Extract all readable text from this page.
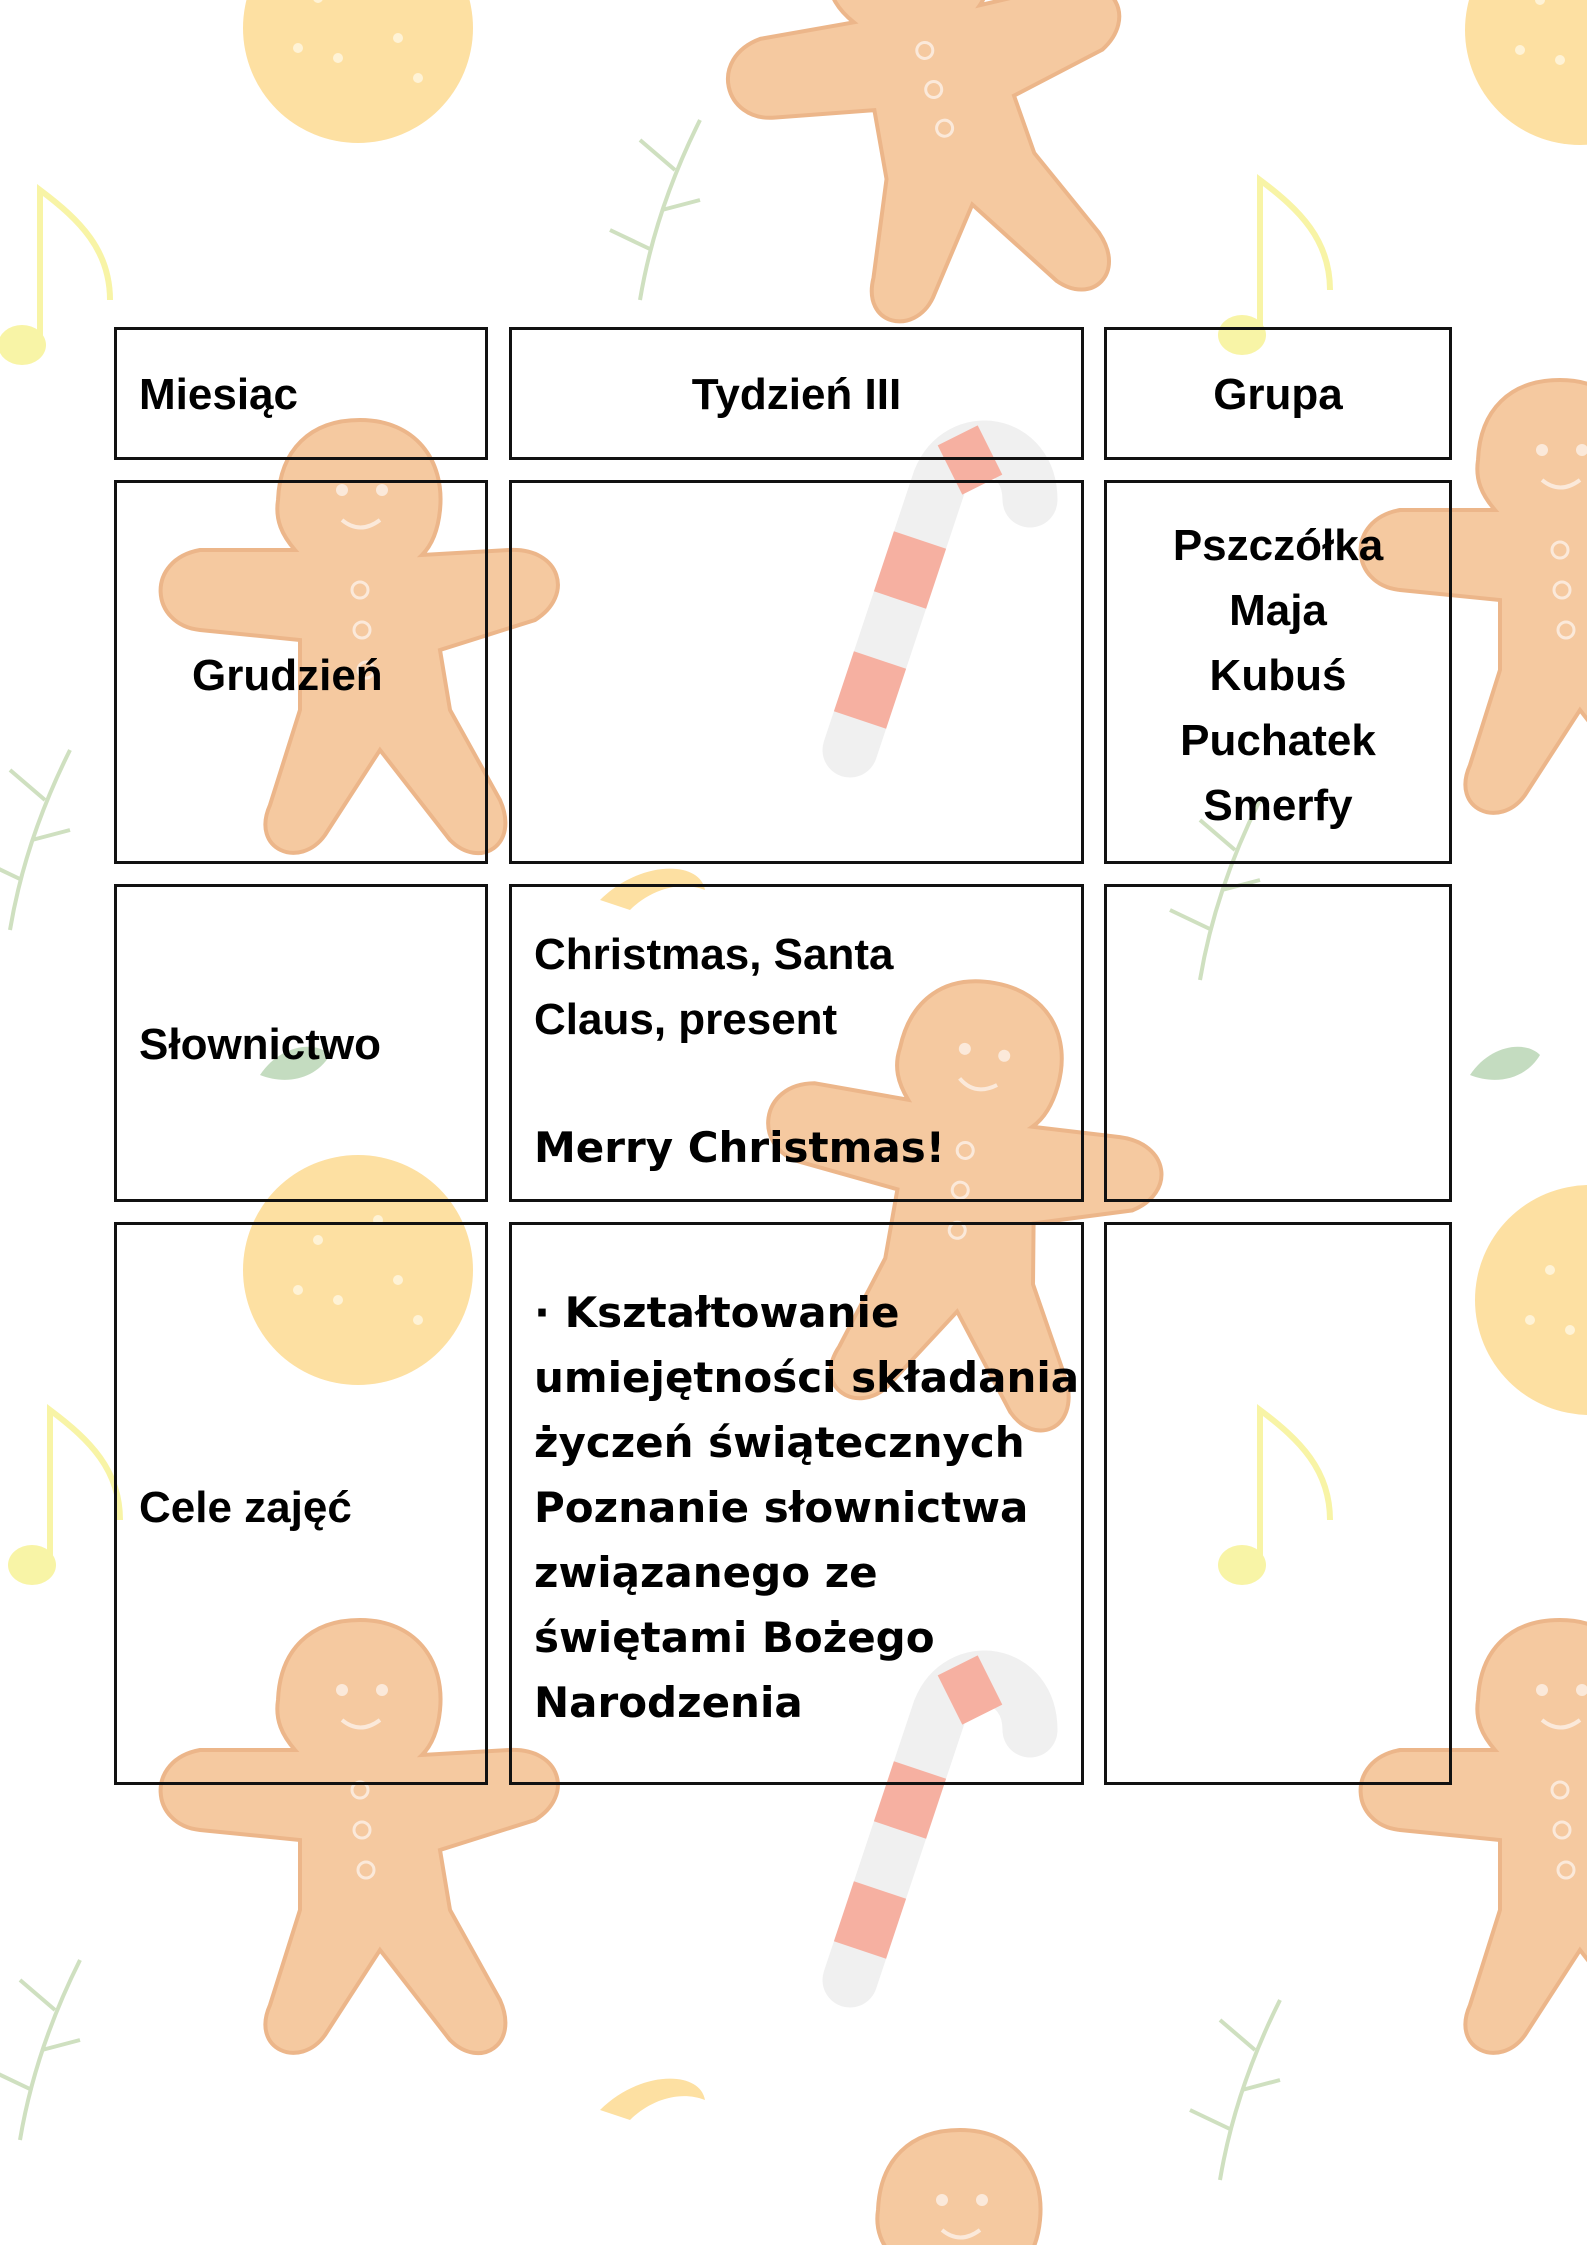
Miesiąc	Tydzień III	Grupa
Grudzień
Pszczółka
Maja
Kubuś
Puchatek
Smerfy
Słownictwo
Christmas, Santa
Claus, present
Merry Christmas!
Cele zajęć
· Kształtowanie
umiejętności składania
życzeń świątecznych
Poznanie słownictwa
związanego ze
świętami Bożego
Narodzenia
